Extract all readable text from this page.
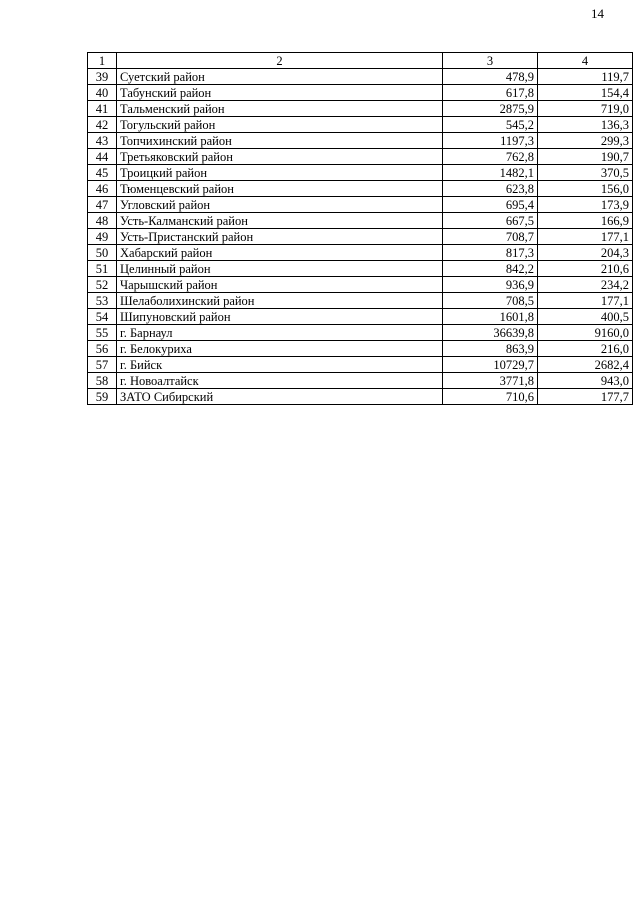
14
1	2	3	4
39	Суетский район	478,9	119,7
40	Табунский район	617,8	154,4
41	Тальменский район	2875,9	719,0
42	Тогульский район	545,2	136,3
43	Топчихинский район	1197,3	299,3
44	Третьяковский район	762,8	190,7
45	Троицкий район	1482,1	370,5
46	Тюменцевский район	623,8	156,0
47	Угловский район	695,4	173,9
48	Усть-Калманский район	667,5	166,9
49	Усть-Пристанский район	708,7	177,1
50	Хабарский район	817,3	204,3
51	Целинный район	842,2	210,6
52	Чарышский район	936,9	234,2
53	Шелаболихинский район	708,5	177,1
54	Шипуновский район	1601,8	400,5
55	г. Барнаул	36639,8	9160,0
56	г. Белокуриха	863,9	216,0
57	г. Бийск	10729,7	2682,4
58	г. Новоалтайск	3771,8	943,0
59	ЗАТО Сибирский	710,6	177,7
